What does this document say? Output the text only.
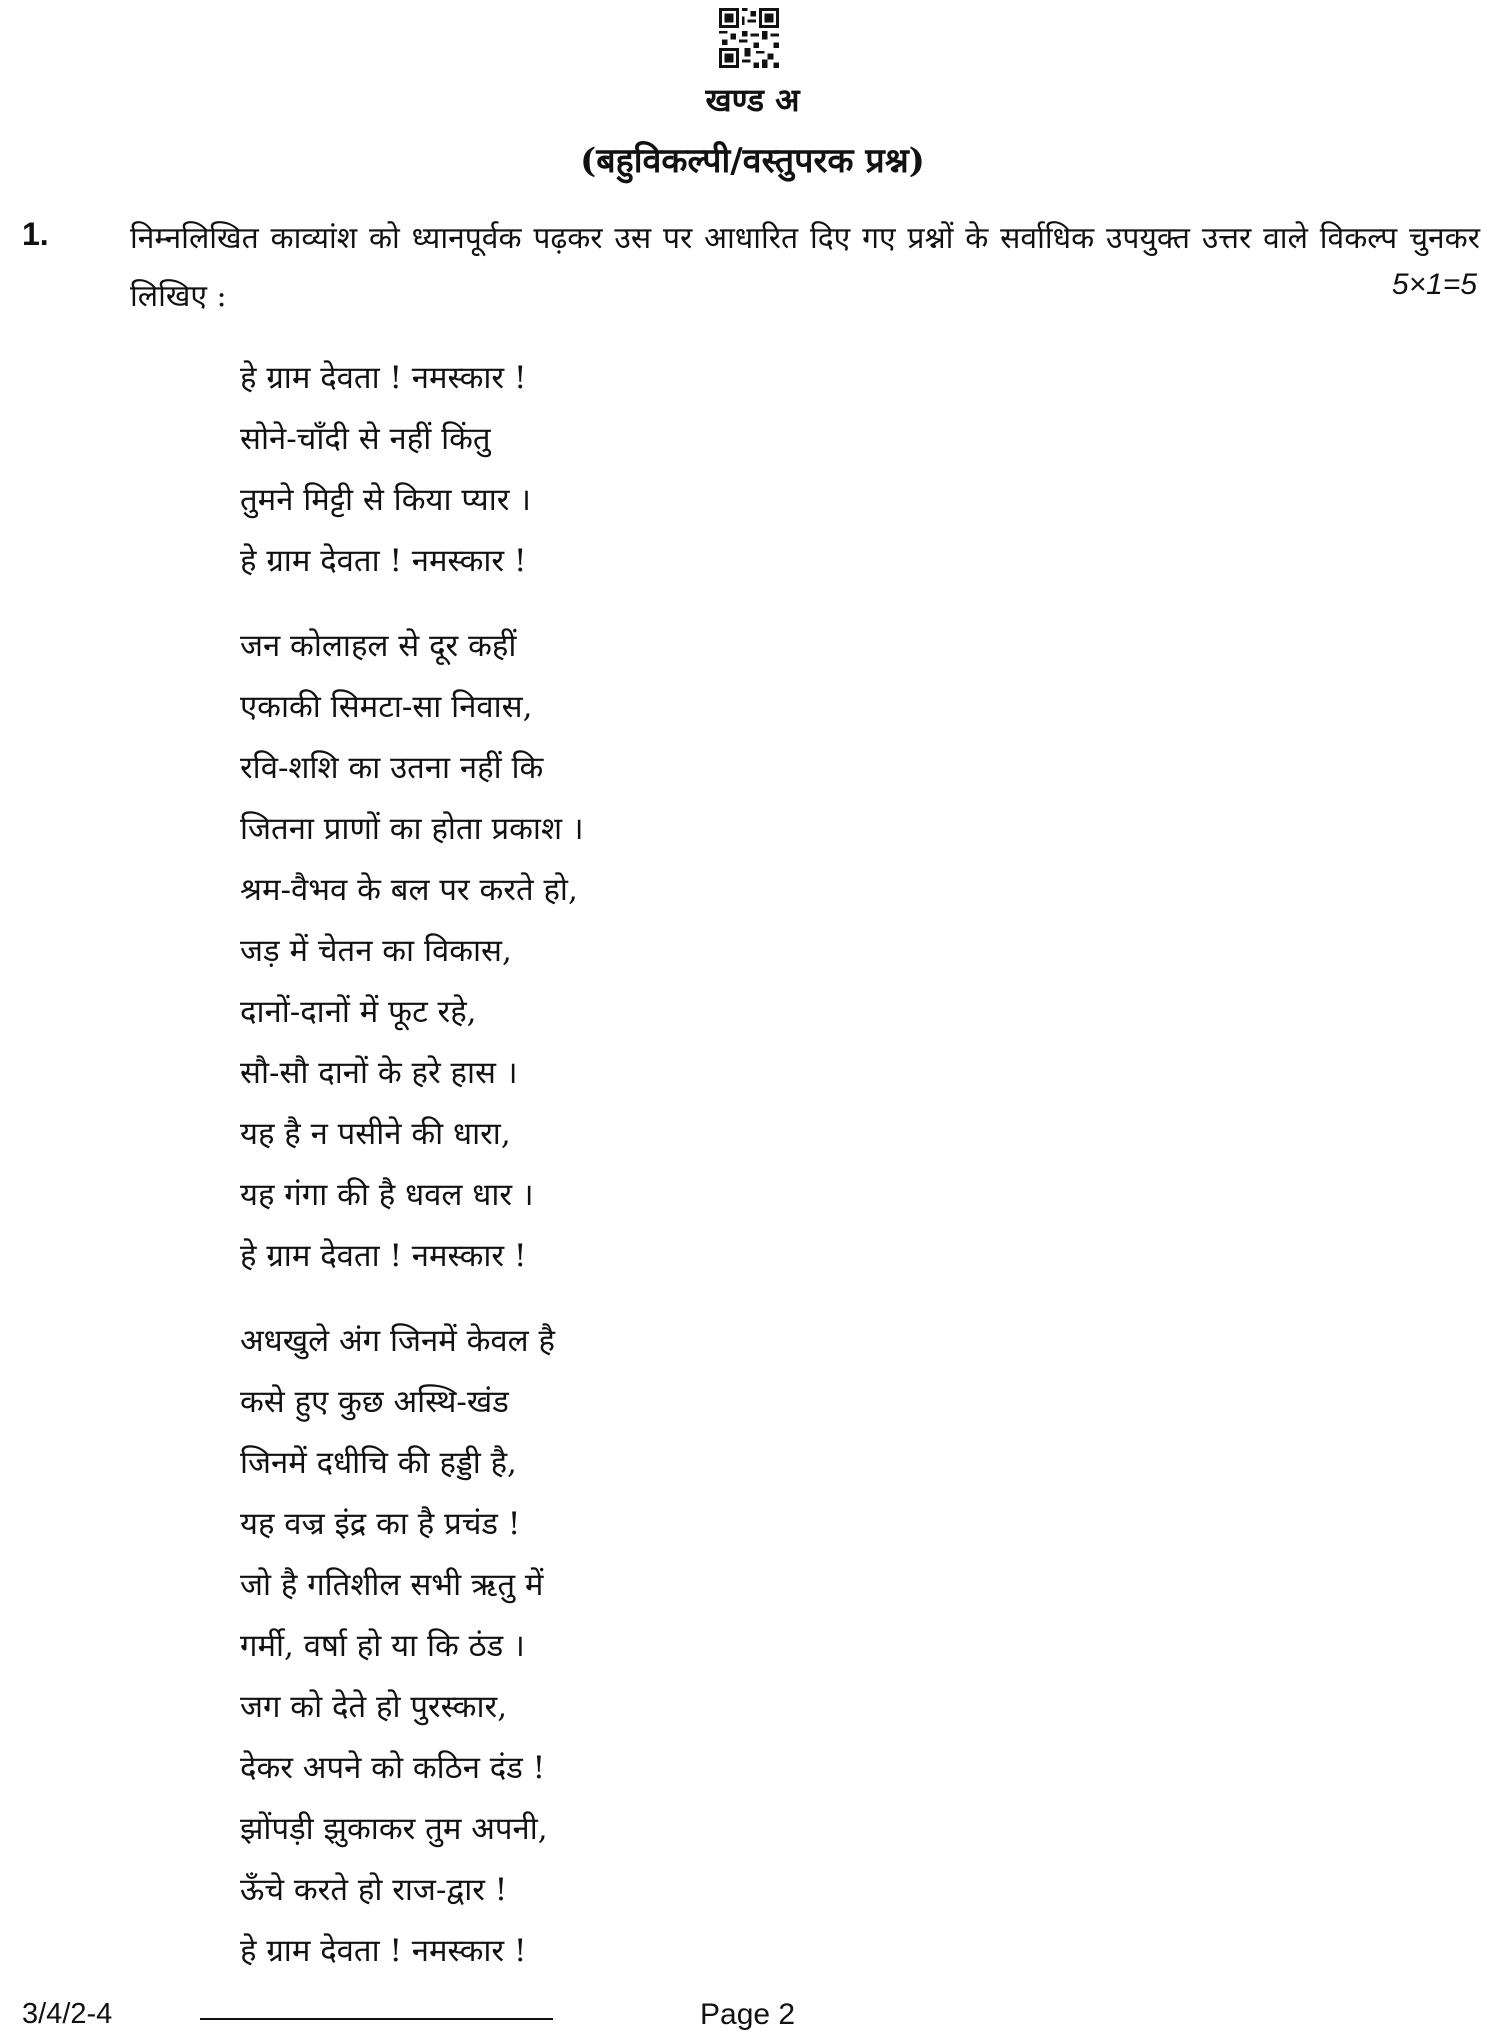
खण्ड अ
(बहुविकल्पी/वस्तुपरक प्रश्न)
1.	निम्नलिखित काव्यांश को ध्यानपूर्वक पढ़कर उस पर आधारित दिए गए प्रश्नों के सर्वाधिक उपयुक्त उत्तर वाले विकल्प चुनकर लिखिए :	5×1=5
हे ग्राम देवता ! नमस्कार !
सोने-चाँदी से नहीं किंतु
तुमने मिट्टी से किया प्यार ।
हे ग्राम देवता ! नमस्कार !
जन कोलाहल से दूर कहीं
एकाकी सिमटा-सा निवास,
रवि-शशि का उतना नहीं कि
जितना प्राणों का होता प्रकाश ।
श्रम-वैभव के बल पर करते हो,
जड़ में चेतन का विकास,
दानों-दानों में फूट रहे,
सौ-सौ दानों के हरे हास ।
यह है न पसीने की धारा,
यह गंगा की है धवल धार ।
हे ग्राम देवता ! नमस्कार !
अधखुले अंग जिनमें केवल है
कसे हुए कुछ अस्थि-खंड
जिनमें दधीचि की हड्डी है,
यह वज्र इंद्र का है प्रचंड !
जो है गतिशील सभी ऋतु में
गर्मी, वर्षा हो या कि ठंड ।
जग को देते हो पुरस्कार,
देकर अपने को कठिन दंड !
झोंपड़ी झुकाकर तुम अपनी,
ऊँचे करते हो राज-द्वार !
हे ग्राम देवता ! नमस्कार !
3/4/2-4	Page 2
